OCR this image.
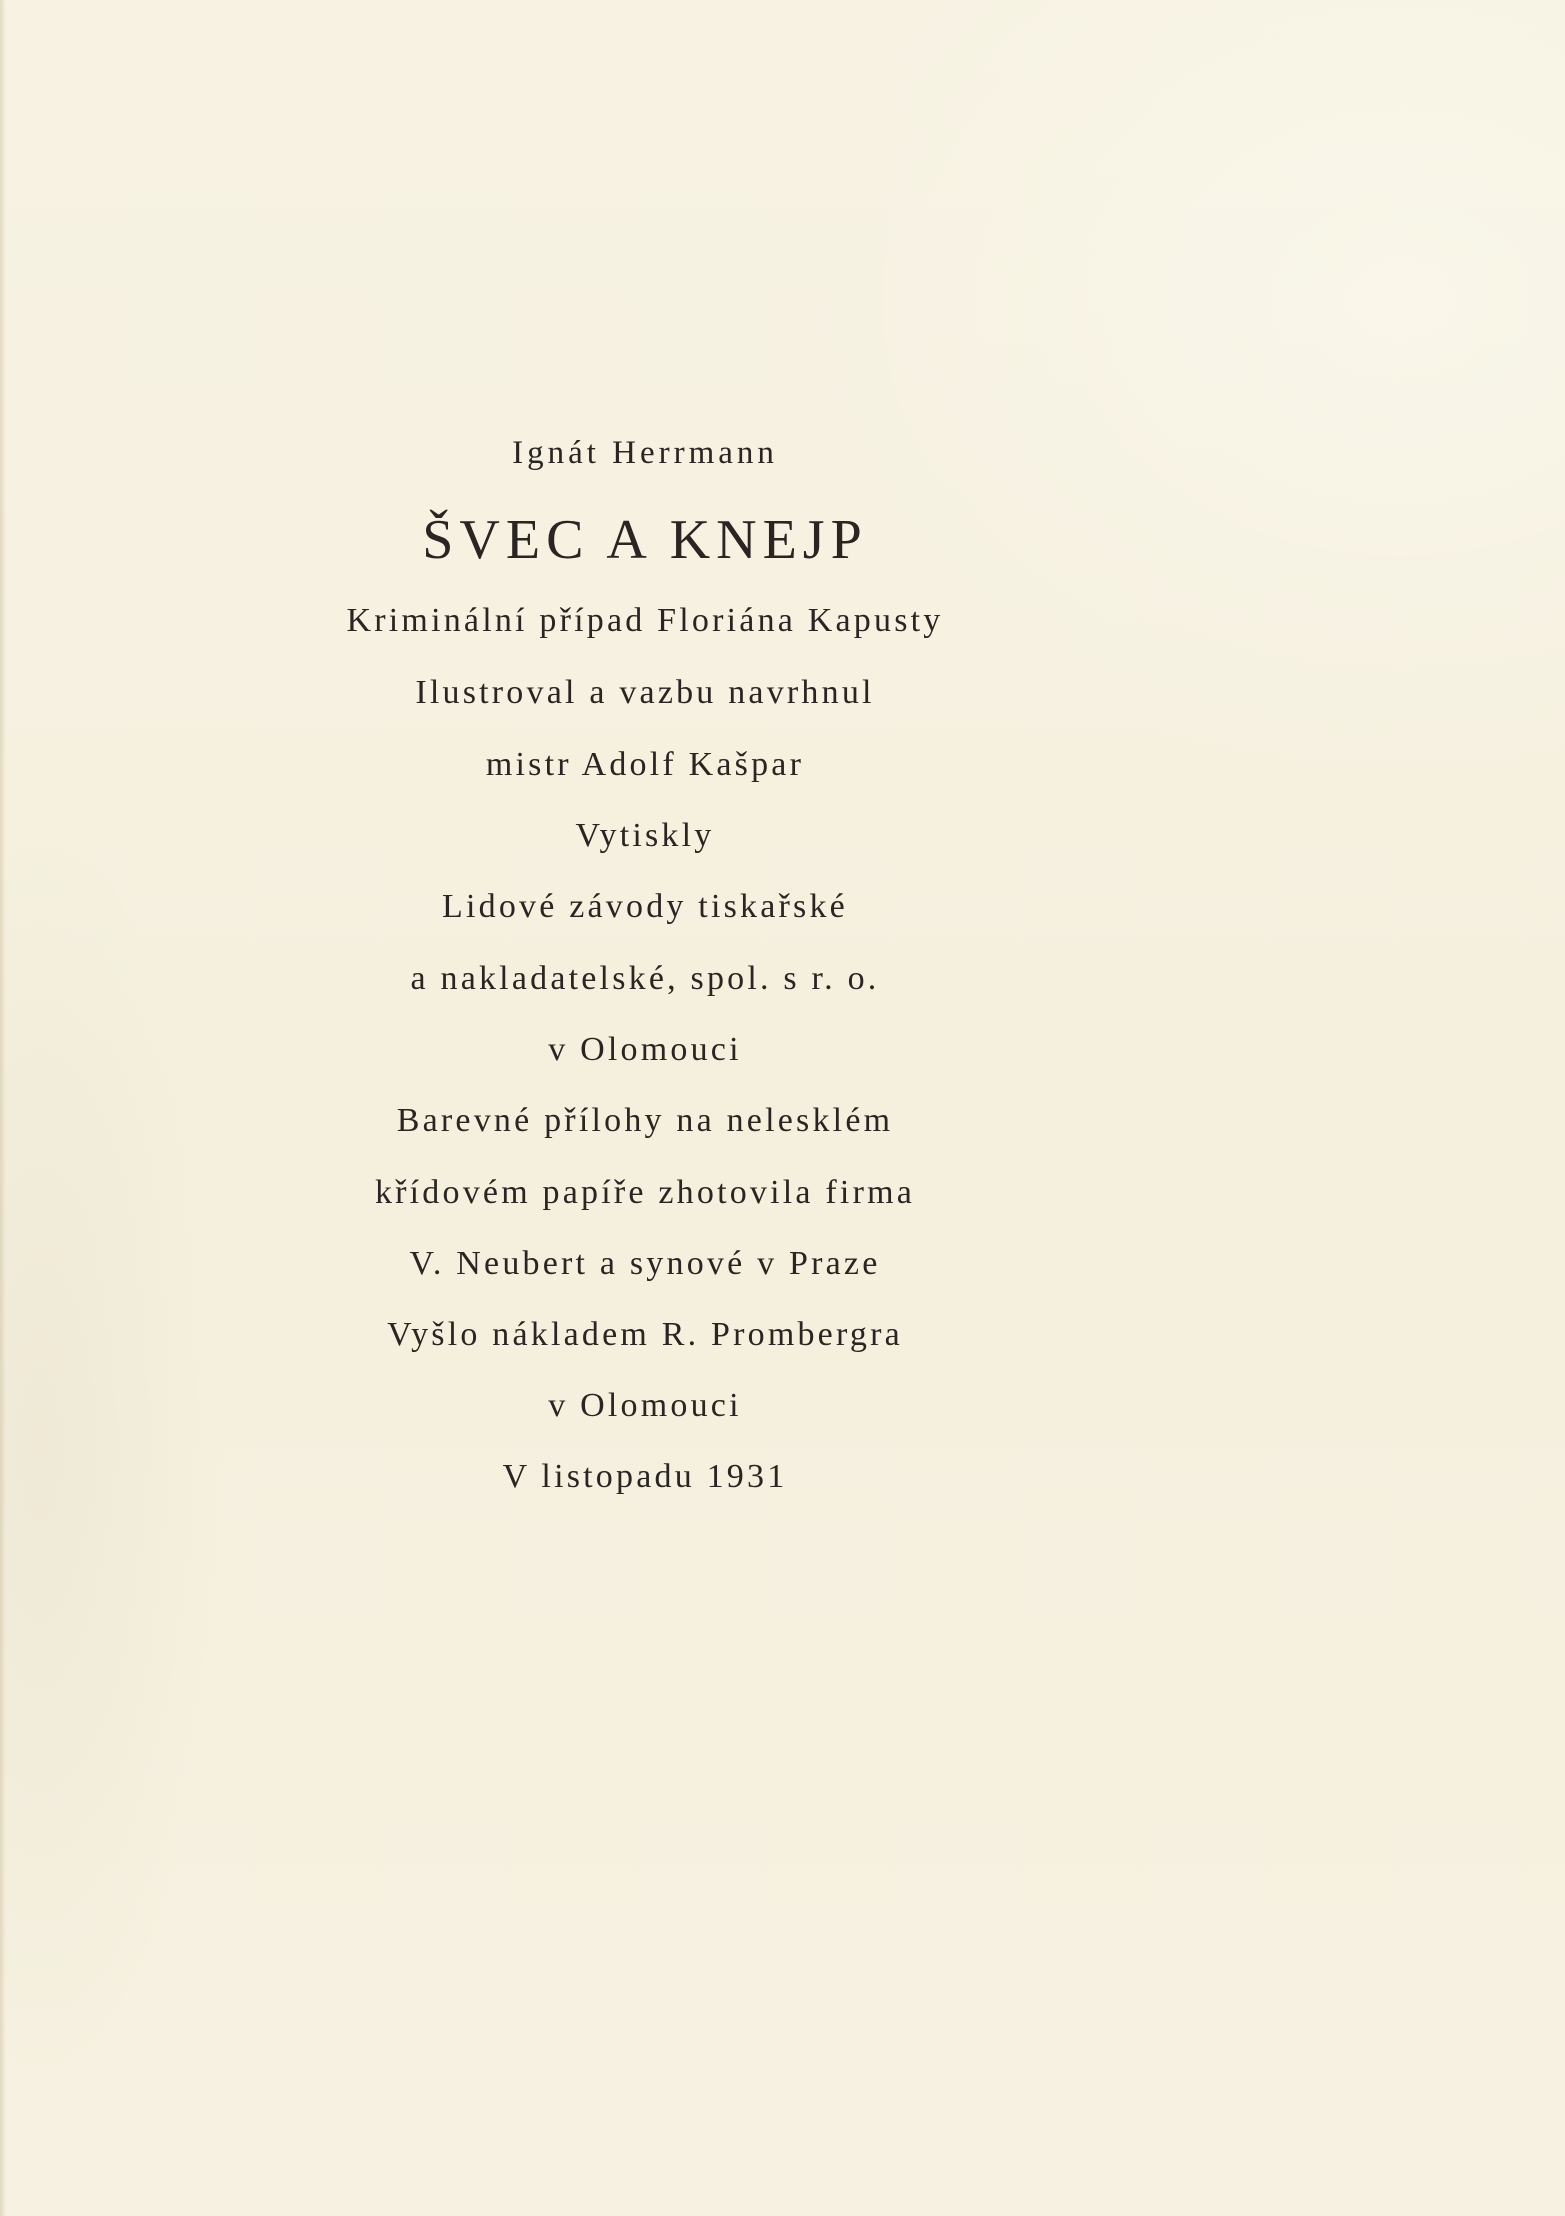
Ignát Herrmann
ŠVEC A KNEJP
Kriminální případ Floriána Kapusty
Ilustroval a vazbu navrhnul
mistr Adolf Kašpar
Vytiskly
Lidové závody tiskařské
a nakladatelské, spol. s r. o.
v Olomouci
Barevné přílohy na nelesklém
křídovém papíře zhotovila firma
V. Neubert a synové v Praze
Vyšlo nákladem R. Prombergra
v Olomouci
V listopadu 1931
